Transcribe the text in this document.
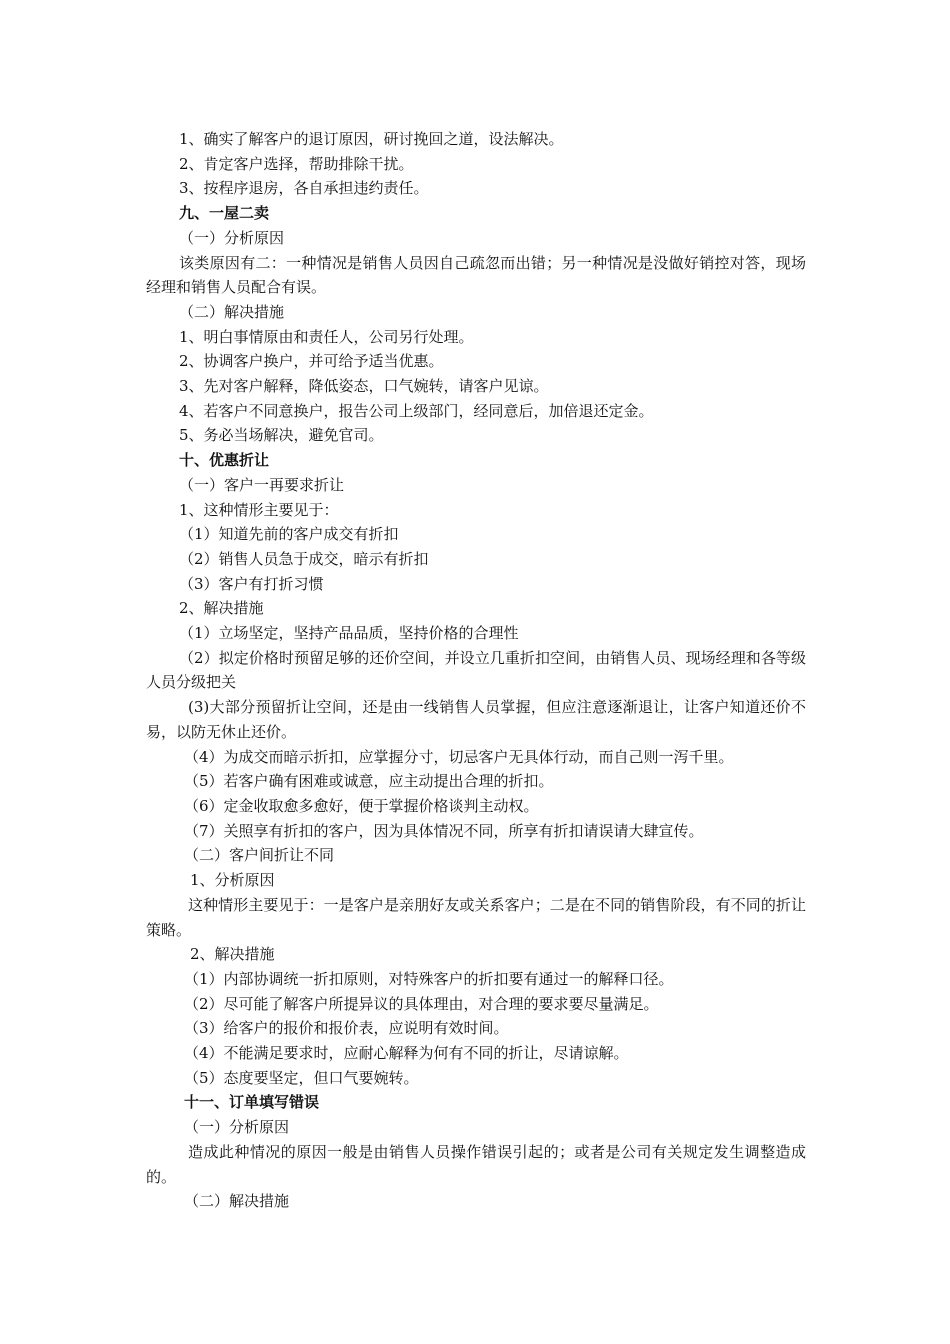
1、确实了解客户的退订原因，研讨挽回之道，设法解决。

2、肯定客户选择，帮助排除干扰。

3、按程序退房，各自承担违约责任。

九、一屋二卖

（一）分析原因

该类原因有二：一种情况是销售人员因自己疏忽而出错；另一种情况是没做好销控对答，现场经理和销售人员配合有误。

（二）解决措施

1、明白事情原由和责任人，公司另行处理。

2、协调客户换户，并可给予适当优惠。

3、先对客户解释，降低姿态，口气婉转，请客户见谅。

4、若客户不同意换户，报告公司上级部门，经同意后，加倍退还定金。

5、务必当场解决，避免官司。

十、优惠折让

（一）客户一再要求折让

1、这种情形主要见于：

（1）知道先前的客户成交有折扣

（2）销售人员急于成交，暗示有折扣

（3）客户有打折习惯

2、解决措施

（1）立场坚定，坚持产品品质，坚持价格的合理性

（2）拟定价格时预留足够的还价空间，并设立几重折扣空间，由销售人员、现场经理和各等级人员分级把关

(3)大部分预留折让空间，还是由一线销售人员掌握，但应注意逐渐退让，让客户知道还价不易，以防无休止还价。

（4）为成交而暗示折扣，应掌握分寸，切忌客户无具体行动，而自己则一泻千里。

（5）若客户确有困难或诚意，应主动提出合理的折扣。

（6）定金收取愈多愈好，便于掌握价格谈判主动权。

（7）关照享有折扣的客户，因为具体情况不同，所享有折扣请误请大肆宣传。

（二）客户间折让不同

1、分析原因

这种情形主要见于：一是客户是亲朋好友或关系客户；二是在不同的销售阶段，有不同的折让策略。

2、解决措施

（1）内部协调统一折扣原则，对特殊客户的折扣要有通过一的解释口径。

（2）尽可能了解客户所提异议的具体理由，对合理的要求要尽量满足。

（3）给客户的报价和报价表，应说明有效时间。

（4）不能满足要求时，应耐心解释为何有不同的折让，尽请谅解。

（5）态度要坚定，但口气要婉转。

十一、订单填写错误

（一）分析原因

造成此种情况的原因一般是由销售人员操作错误引起的；或者是公司有关规定发生调整造成的。

（二）解决措施
